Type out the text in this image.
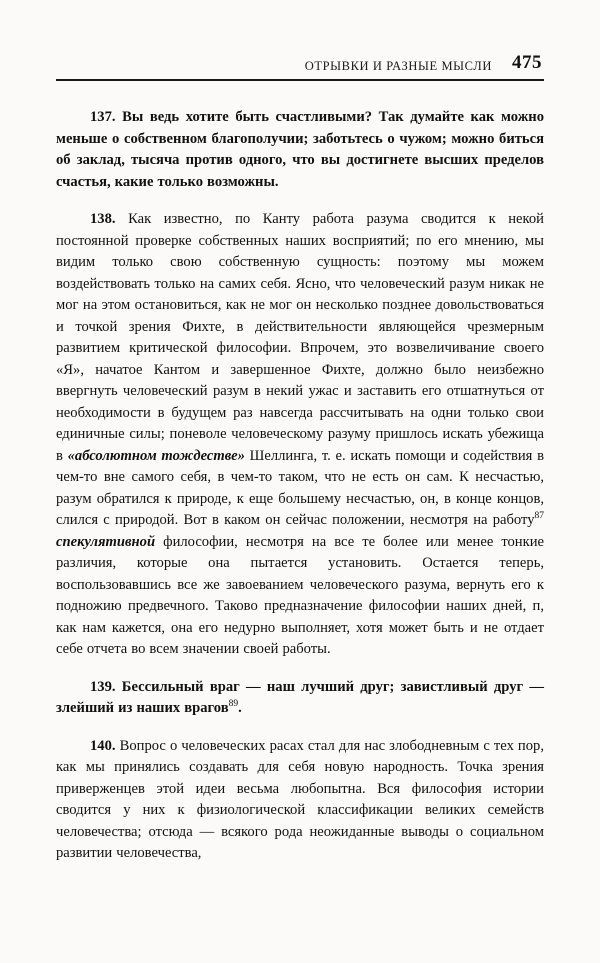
ОТРЫВКИ И РАЗНЫЕ МЫСЛИ 475

137. Вы ведь хотите быть счастливыми? Так думайте как можно меньше о собственном благополучии; заботьтесь о чужом; можно биться об заклад, тысяча против одного, что вы достигнете высших пределов счастья, какие только возможны.

138. Как известно, по Канту работа разума сводится к некой постоянной проверке собственных наших восприятий; по его мнению, мы видим только свою собственную сущность: поэтому мы можем воздействовать только на самих себя. Ясно, что человеческий разум никак не мог на этом остановиться, как не мог он несколько позднее довольствоваться и точкой зрения Фихте, в действительности являющейся чрезмерным развитием критической философии. Впрочем, это возвеличивание своего «Я», начатое Кантом и завершенное Фихте, должно было неизбежно ввергнуть человеческий разум в некий ужас и заставить его отшатнуться от необходимости в будущем раз навсегда рассчитывать на одни только свои единичные силы; поневоле человеческому разуму пришлось искать убежища в «абсолютном тождестве» Шеллинга, т. е. искать помощи и содействия в чем-то вне самого себя, в чем-то таком, что не есть он сам. К несчастью, разум обратился к природе, к еще большему несчастью, он, в конце концов, слился с природой. Вот в каком он сейчас положении, несмотря на работу$^{87}$ спекулятивной философии, несмотря на все те более или менее тонкие различия, которые она пытается установить. Остается теперь, воспользовавшись все же завоеванием человеческого разума, вернуть его к подножию предвечного. Таково предназначение философии наших дней, п, как нам кажется, она его недурно выполняет, хотя может быть и не отдает себе отчета во всем значении своей работы.

139. Бессильный враг — наш лучший друг; завистливый друг — злейший из наших врагов$^{89}$.

140. Вопрос о человеческих расах стал для нас злободневным с тех пор, как мы принялись создавать для себя новую народность. Точка зрения приверженцев этой идеи весьма любопытна. Вся философия истории сводится у них к физиологической классификации великих семейств человечества; отсюда — всякого рода неожиданные выводы о социальном развитии человечества,
